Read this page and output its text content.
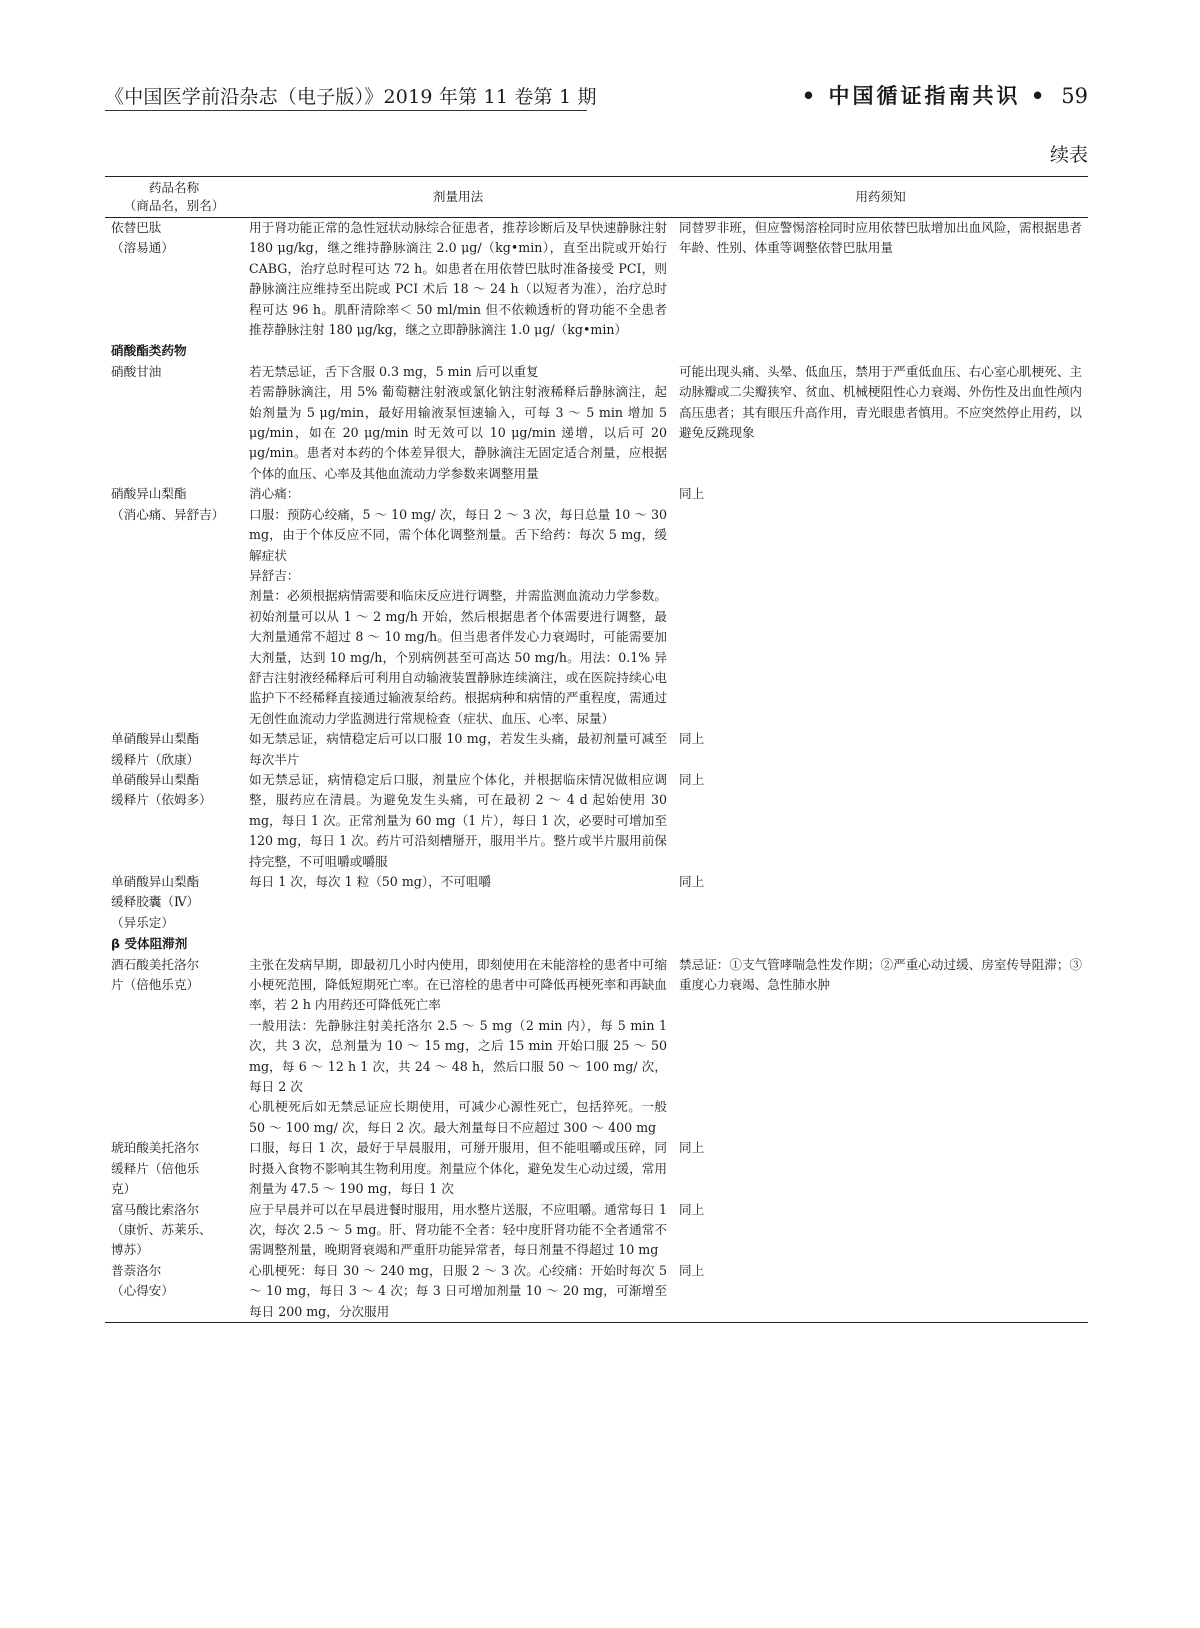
《中国医学前沿杂志（电子版）》2019 年第 11 卷第 1 期	• 中国循证指南共识 • 59
续表
药品名称
（商品名，别名）	剂量用法	用药须知
依替巴肽
（溶易通）	用于肾功能正常的急性冠状动脉综合征患者，推荐诊断后及早快速静脉注射 180 μg/kg，继之维持静脉滴注 2.0 μg/（kg•min），直至出院或开始行 CABG，治疗总时程可达 72 h。如患者在用依替巴肽时准备接受 PCI，则静脉滴注应维持至出院或 PCI 术后 18 ～ 24 h（以短者为准），治疗总时程可达 96 h。肌酐清除率＜ 50 ml/min 但不依赖透析的肾功能不全患者推荐静脉注射 180 μg/kg，继之立即静脉滴注 1.0 μg/（kg•min）	同替罗非班，但应警惕溶栓同时应用依替巴肽增加出血风险，需根据患者年龄、性别、体重等调整依替巴肽用量
硝酸酯类药物		
硝酸甘油	若无禁忌证，舌下含服 0.3 mg，5 min 后可以重复
若需静脉滴注，用 5% 葡萄糖注射液或氯化钠注射液稀释后静脉滴注，起始剂量为 5 μg/min，最好用输液泵恒速输入，可每 3 ～ 5 min 增加 5 μg/min，如在 20 μg/min 时无效可以 10 μg/min 递增，以后可 20 μg/min。患者对本药的个体差异很大，静脉滴注无固定适合剂量，应根据个体的血压、心率及其他血流动力学参数来调整用量	可能出现头痛、头晕、低血压，禁用于严重低血压、右心室心肌梗死、主动脉瓣或二尖瓣狭窄、贫血、机械梗阻性心力衰竭、外伤性及出血性颅内高压患者；其有眼压升高作用，青光眼患者慎用。不应突然停止用药，以避免反跳现象
硝酸异山梨酯
（消心痛、异舒吉）	消心痛：
口服：预防心绞痛，5 ～ 10 mg/ 次，每日 2 ～ 3 次，每日总量 10 ～ 30 mg，由于个体反应不同，需个体化调整剂量。舌下给药：每次 5 mg，缓解症状
异舒吉：
剂量：必须根据病情需要和临床反应进行调整，并需监测血流动力学参数。初始剂量可以从 1 ～ 2 mg/h 开始，然后根据患者个体需要进行调整，最大剂量通常不超过 8 ～ 10 mg/h。但当患者伴发心力衰竭时，可能需要加大剂量，达到 10 mg/h，个别病例甚至可高达 50 mg/h。用法：0.1% 异舒吉注射液经稀释后可利用自动输液装置静脉连续滴注，或在医院持续心电监护下不经稀释直接通过输液泵给药。根据病种和病情的严重程度，需通过无创性血流动力学监测进行常规检查（症状、血压、心率、尿量）	同上
单硝酸异山梨酯
缓释片（欣康）	如无禁忌证，病情稳定后可以口服 10 mg，若发生头痛，最初剂量可减至每次半片	同上
单硝酸异山梨酯
缓释片（依姆多）	如无禁忌证，病情稳定后口服，剂量应个体化，并根据临床情况做相应调整，服药应在清晨。为避免发生头痛，可在最初 2 ～ 4 d 起始使用 30 mg，每日 1 次。正常剂量为 60 mg（1 片），每日 1 次，必要时可增加至 120 mg，每日 1 次。药片可沿刻槽掰开，服用半片。整片或半片服用前保持完整，不可咀嚼或嚼服	同上
单硝酸异山梨酯
缓释胶囊（Ⅳ）
（异乐定）	每日 1 次，每次 1 粒（50 mg），不可咀嚼	同上
β 受体阻滞剂		
酒石酸美托洛尔
片（倍他乐克）	主张在发病早期，即最初几小时内使用，即刻使用在未能溶栓的患者中可缩小梗死范围，降低短期死亡率。在已溶栓的患者中可降低再梗死率和再缺血率，若 2 h 内用药还可降低死亡率
一般用法：先静脉注射美托洛尔 2.5 ～ 5 mg（2 min 内），每 5 min 1 次，共 3 次，总剂量为 10 ～ 15 mg，之后 15 min 开始口服 25 ～ 50 mg，每 6 ～ 12 h 1 次，共 24 ～ 48 h，然后口服 50 ～ 100 mg/ 次，每日 2 次
心肌梗死后如无禁忌证应长期使用，可减少心源性死亡，包括猝死。一般 50 ～ 100 mg/ 次，每日 2 次。最大剂量每日不应超过 300 ～ 400 mg	禁忌证：①支气管哮喘急性发作期；②严重心动过缓、房室传导阻滞；③重度心力衰竭、急性肺水肿
琥珀酸美托洛尔
缓释片（倍他乐
克）	口服，每日 1 次，最好于早晨服用，可掰开服用，但不能咀嚼或压碎，同时摄入食物不影响其生物利用度。剂量应个体化，避免发生心动过缓，常用剂量为 47.5 ～ 190 mg，每日 1 次	同上
富马酸比索洛尔
（康忻、苏莱乐、
博苏）	应于早晨并可以在早晨进餐时服用，用水整片送服，不应咀嚼。通常每日 1 次，每次 2.5 ～ 5 mg。肝、肾功能不全者：轻中度肝肾功能不全者通常不需调整剂量，晚期肾衰竭和严重肝功能异常者，每日剂量不得超过 10 mg	同上
普萘洛尔
（心得安）	心肌梗死：每日 30 ～ 240 mg，日服 2 ～ 3 次。心绞痛：开始时每次 5 ～ 10 mg，每日 3 ～ 4 次；每 3 日可增加剂量 10 ～ 20 mg，可渐增至每日 200 mg，分次服用	同上
